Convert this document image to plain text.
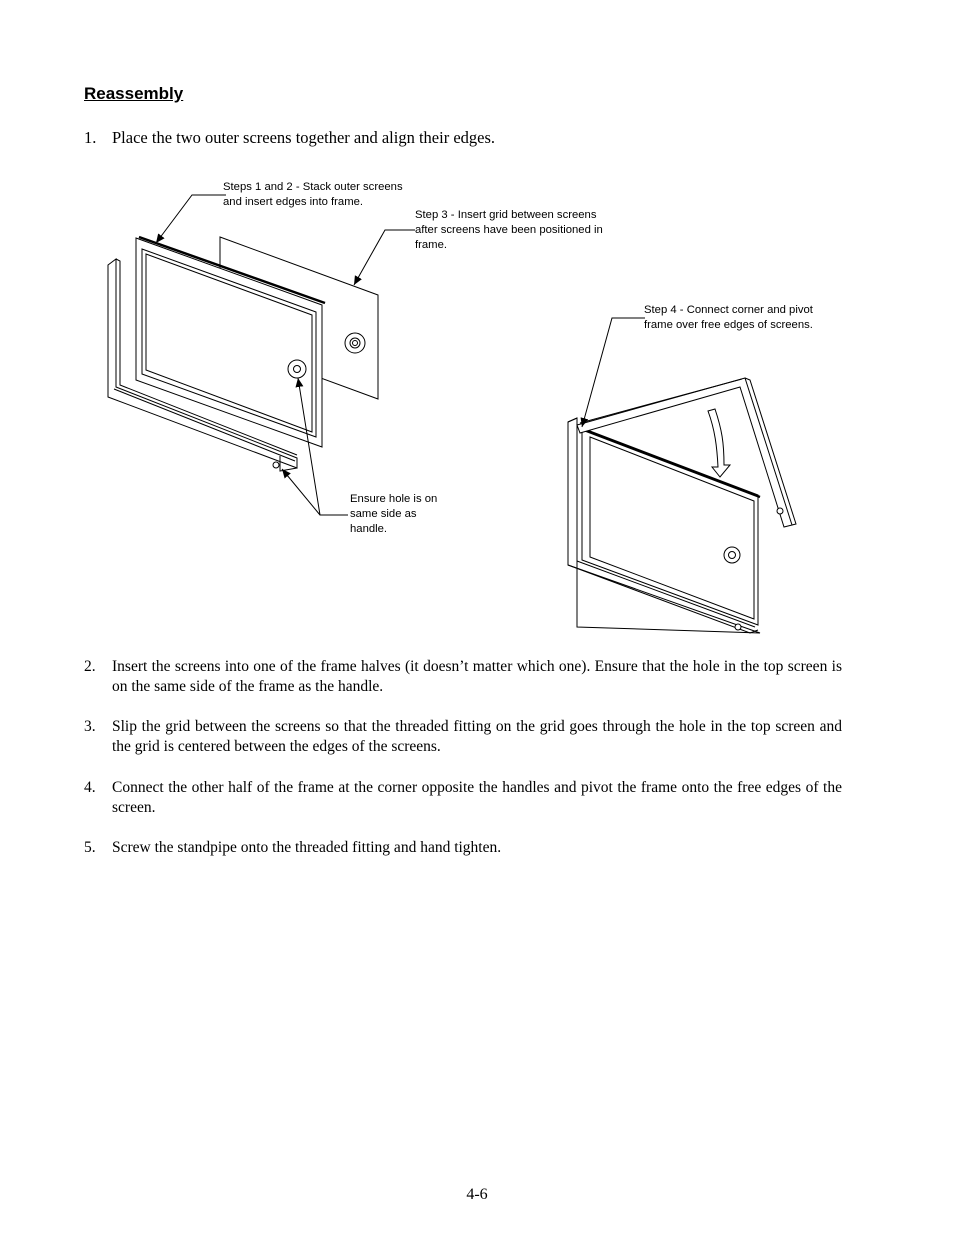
Reassembly
1. Place the two outer screens together and align their edges.
Steps 1 and 2 - Stack outer screens
and insert edges into frame.
Step 3 - Insert grid between screens
after screens have been positioned in
frame.
Step 4 - Connect corner and pivot
frame over free edges of screens.
Ensure hole is on
same side as
handle.
2.	Insert the screens into one of the frame halves (it doesn’t matter which one). Ensure that the hole in the top screen is on the same side of the frame as the handle.
3.	Slip the grid between the screens so that the threaded fitting on the grid goes through the hole in the top screen and the grid is centered between the edges of the screens.
4.	Connect the other half of the frame at the corner opposite the handles and pivot the frame onto the free edges of the screen.
5.	Screw the standpipe onto the threaded fitting and hand tighten.
4-6
